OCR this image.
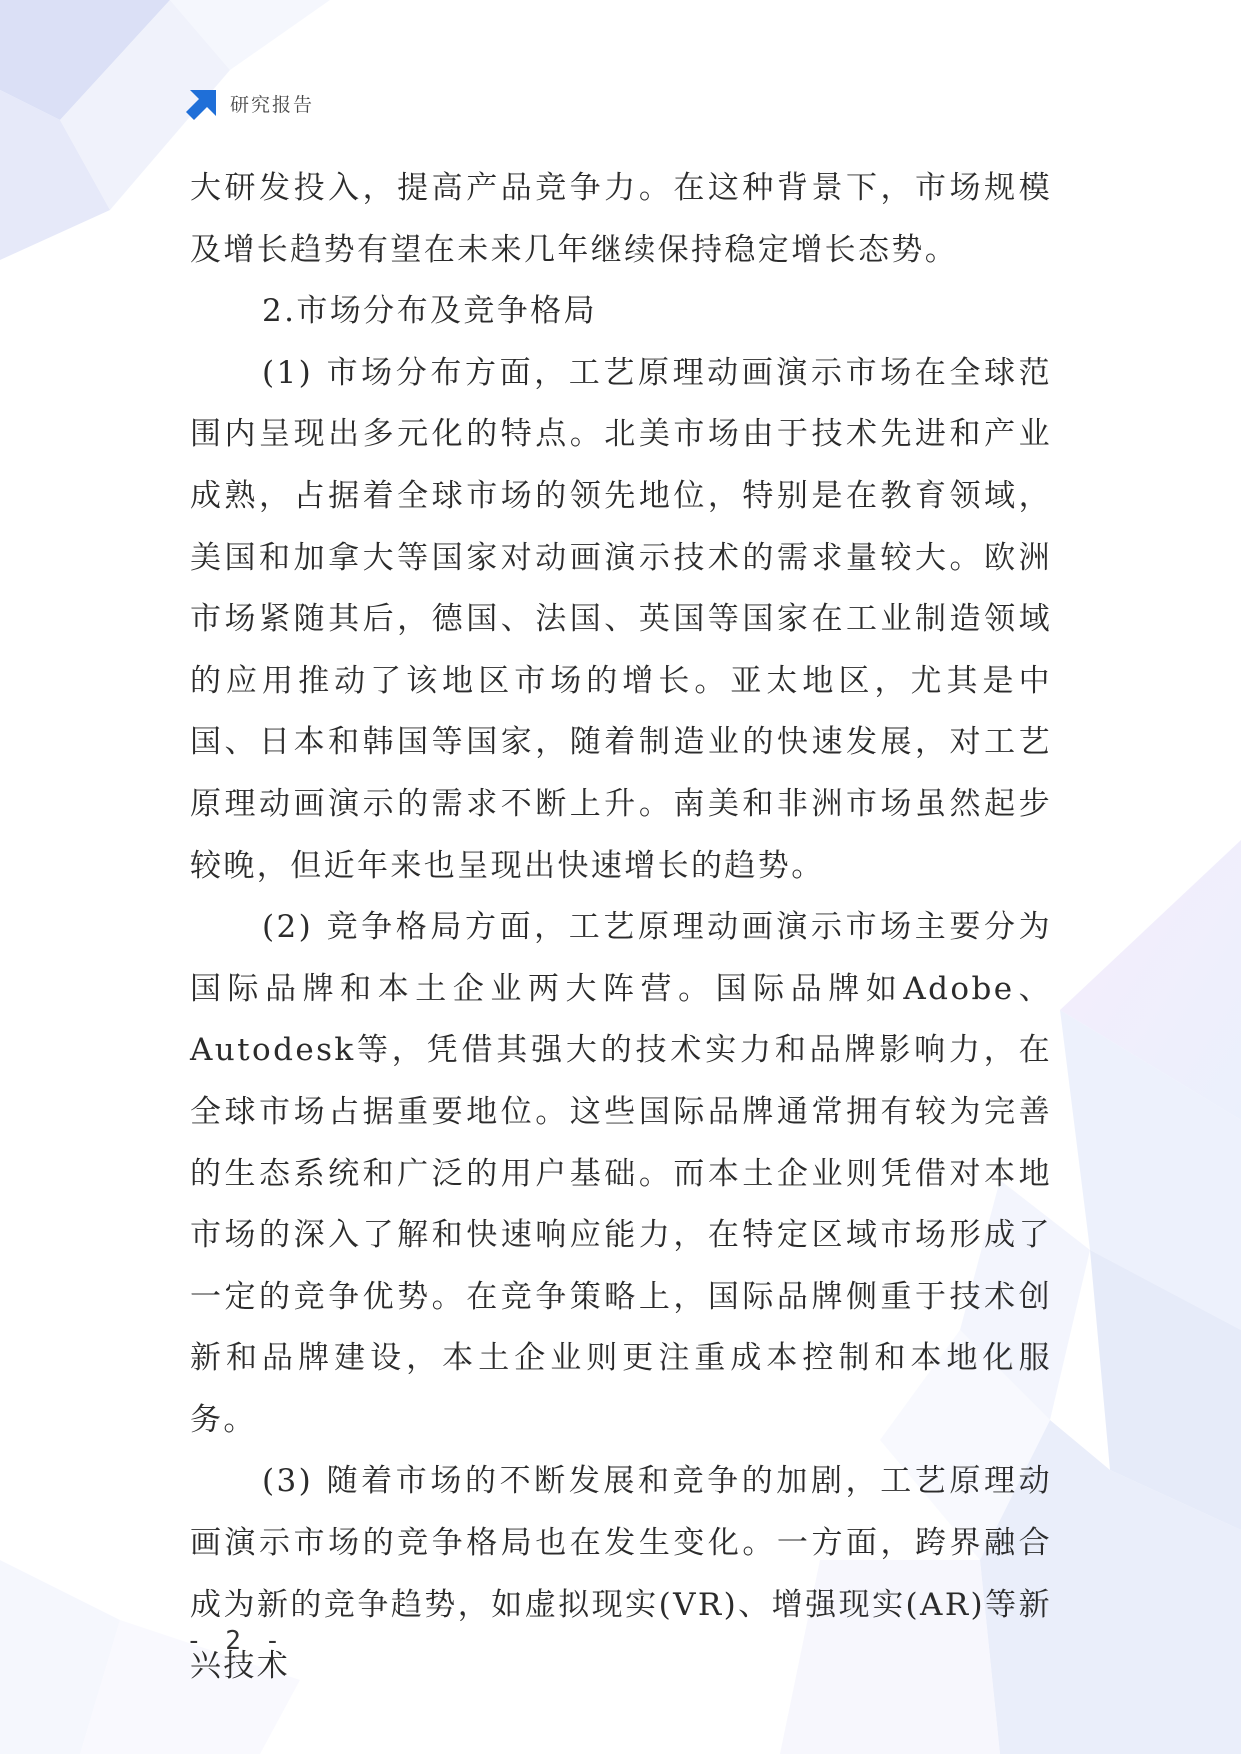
研究报告

大研发投入，提高产品竞争力。在这种背景下，市场规模及增长趋势有望在未来几年继续保持稳定增长态势。

2.市场分布及竞争格局

(1) 市场分布方面，工艺原理动画演示市场在全球范围内呈现出多元化的特点。北美市场由于技术先进和产业成熟，占据着全球市场的领先地位，特别是在教育领域，美国和加拿大等国家对动画演示技术的需求量较大。欧洲市场紧随其后，德国、法国、英国等国家在工业制造领域的应用推动了该地区市场的增长。亚太地区，尤其是中国、日本和韩国等国家，随着制造业的快速发展，对工艺原理动画演示的需求不断上升。南美和非洲市场虽然起步较晚，但近年来也呈现出快速增长的趋势。

(2) 竞争格局方面，工艺原理动画演示市场主要分为国际品牌和本土企业两大阵营。国际品牌如Adobe、Autodesk等，凭借其强大的技术实力和品牌影响力，在全球市场占据重要地位。这些国际品牌通常拥有较为完善的生态系统和广泛的用户基础。而本土企业则凭借对本地市场的深入了解和快速响应能力，在特定区域市场形成了一定的竞争优势。在竞争策略上，国际品牌侧重于技术创新和品牌建设，本土企业则更注重成本控制和本地化服务。

(3) 随着市场的不断发展和竞争的加剧，工艺原理动画演示市场的竞争格局也在发生变化。一方面，跨界融合成为新的竞争趋势，如虚拟现实(VR)、增强现实(AR)等新兴技术

- 2 -
